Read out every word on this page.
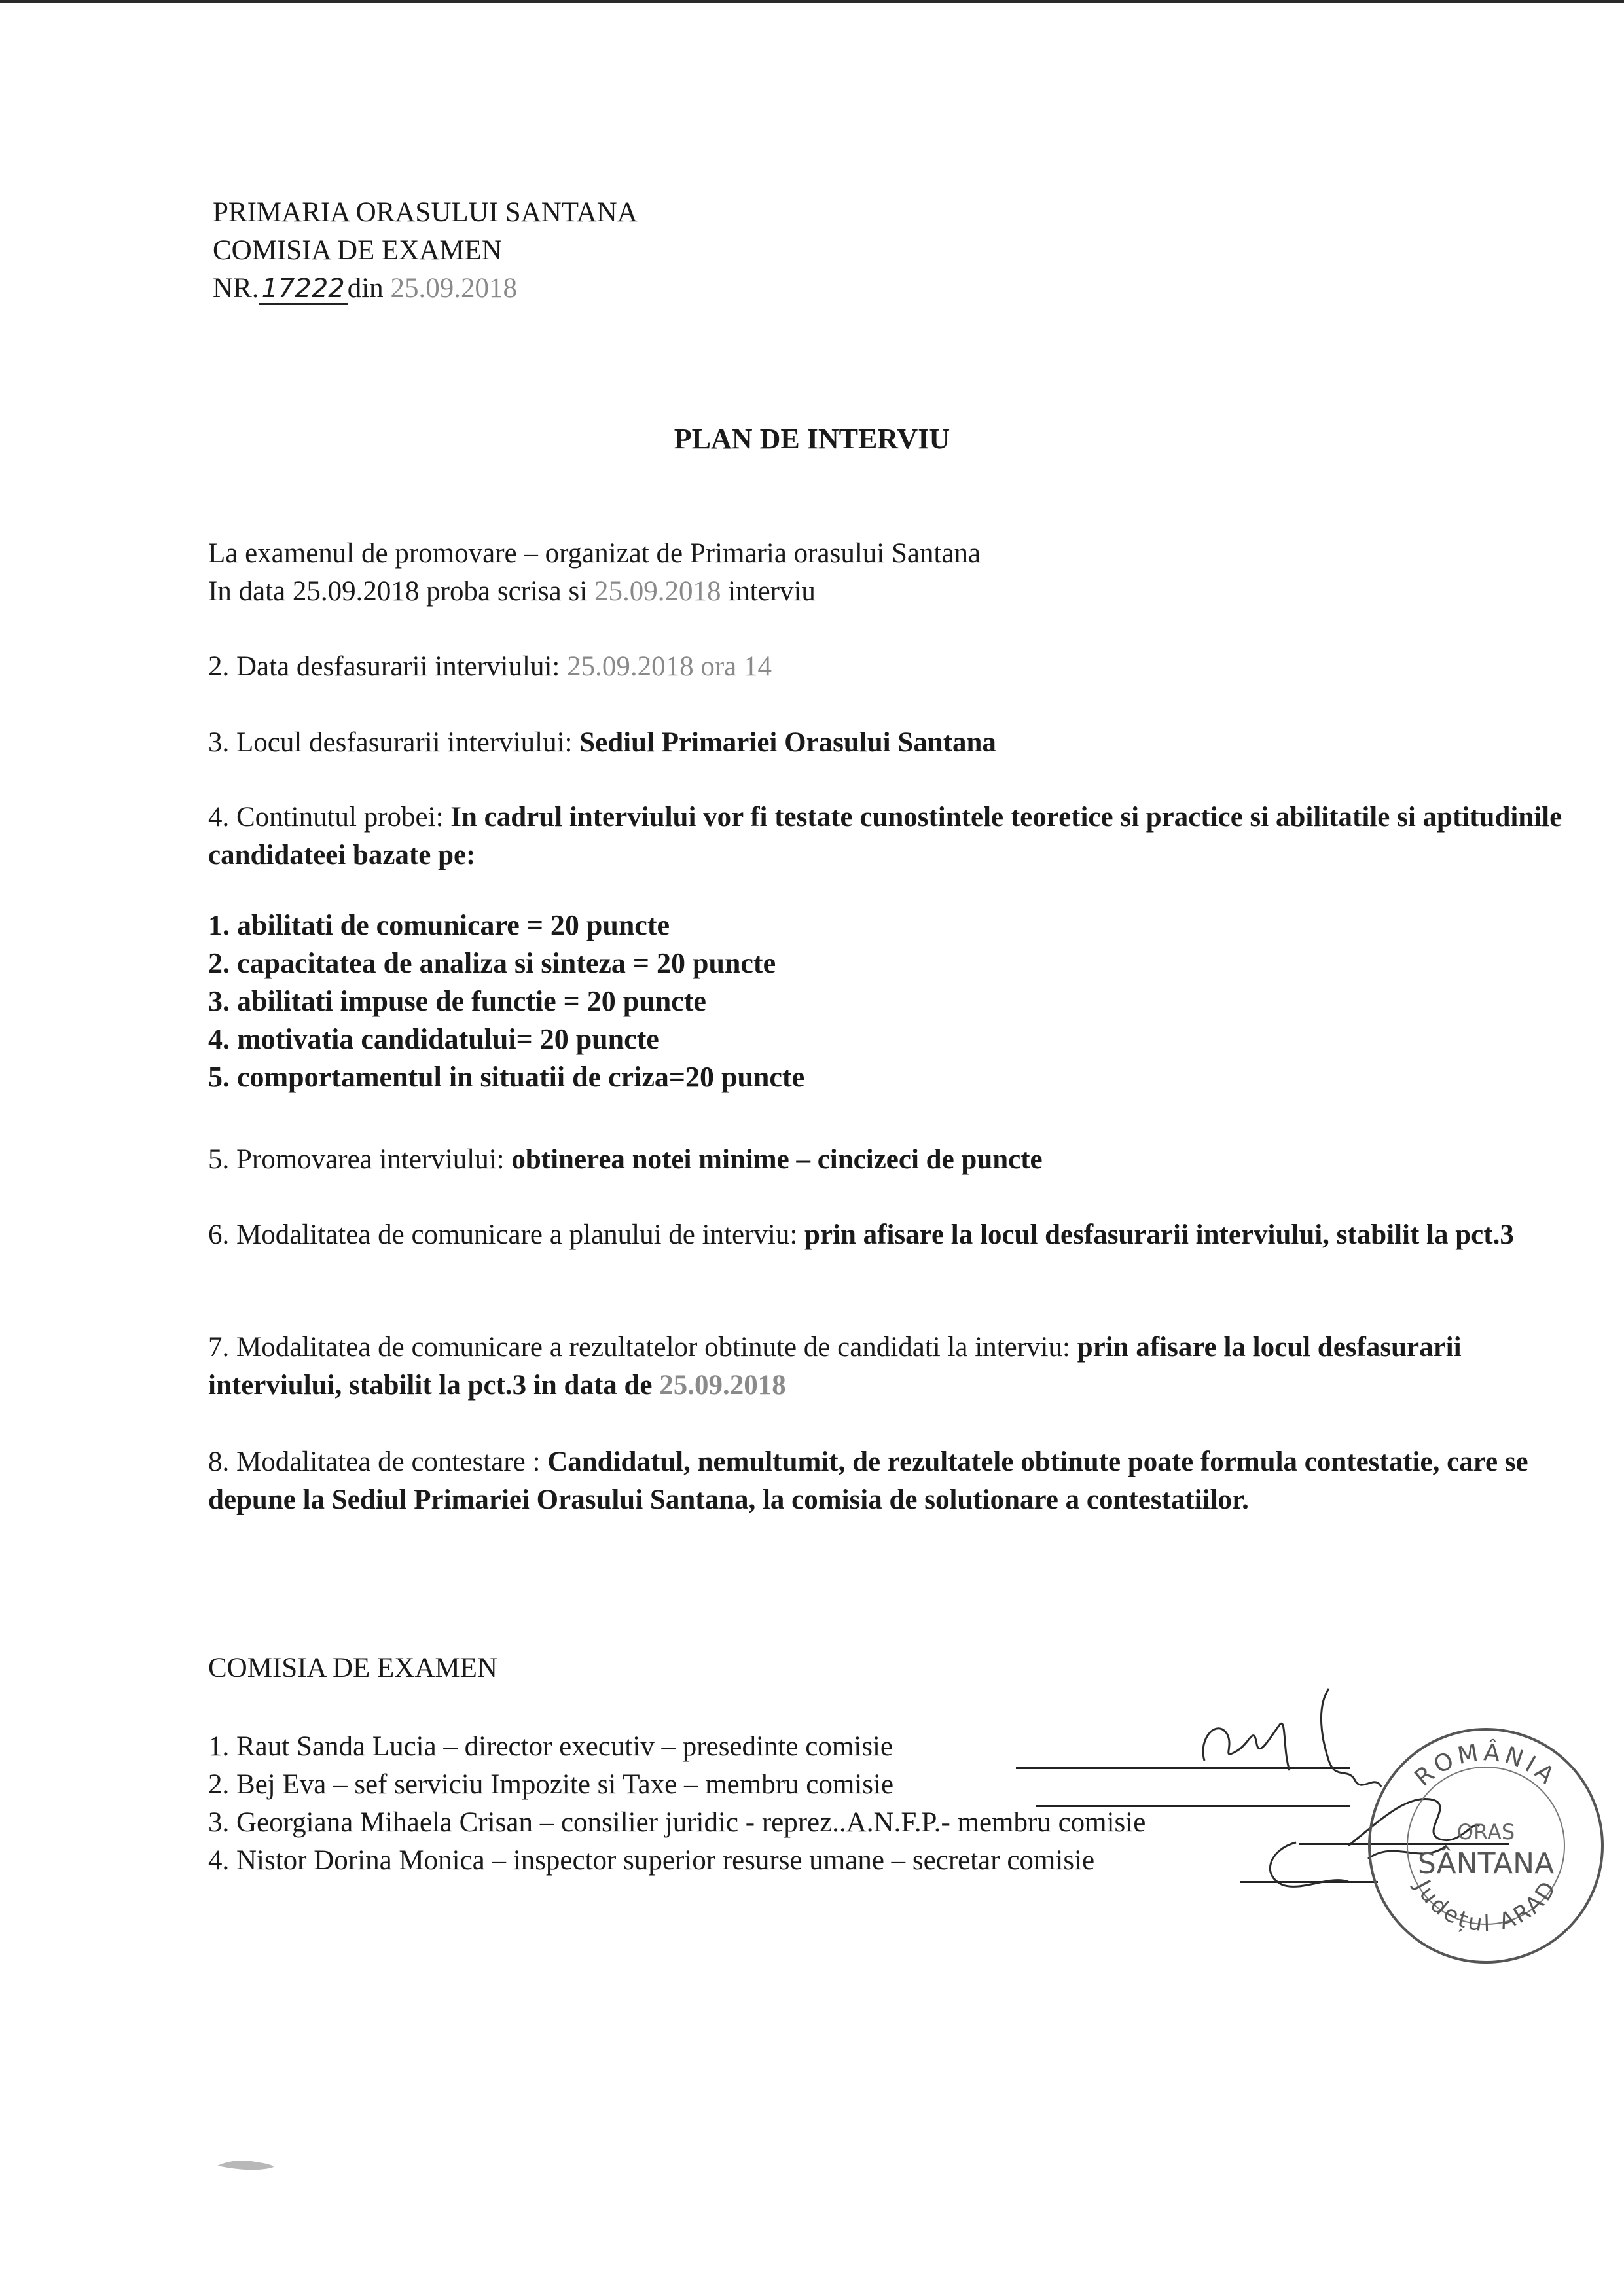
PRIMARIA ORASULUI SANTANA
COMISIA DE EXAMEN
NR. 17222din 25.09.2018
PLAN DE INTERVIU
La examenul de promovare – organizat de Primaria orasului Santana
In data 25.09.2018 proba scrisa si 25.09.2018 interviu
2. Data desfasurarii interviului: 25.09.2018 ora 14
3. Locul desfasurarii interviului: Sediul Primariei Orasului Santana
4. Continutul probei: In cadrul interviului vor fi testate cunostintele teoretice si practice si abilitatile si aptitudinile candidateei bazate pe:
1. abilitati de comunicare = 20 puncte
2. capacitatea de analiza si sinteza = 20 puncte
3. abilitati impuse de functie = 20 puncte
4. motivatia candidatului= 20 puncte
5. comportamentul in situatii de criza=20 puncte
5. Promovarea interviului: obtinerea notei minime – cincizeci de puncte
6. Modalitatea de comunicare a planului de interviu: prin afisare la locul desfasurarii interviului, stabilit la pct.3
7. Modalitatea de comunicare a rezultatelor obtinute de candidati la interviu: prin afisare la locul desfasurarii interviului, stabilit la pct.3 in data de 25.09.2018
8. Modalitatea de contestare : Candidatul, nemultumit, de rezultatele obtinute poate formula contestatie, care se depune la Sediul Primariei Orasului Santana, la comisia de solutionare a contestatiilor.
COMISIA DE EXAMEN
1. Raut Sanda Lucia – director executiv – presedinte comisie
2. Bej Eva – sef serviciu Impozite si Taxe – membru comisie
3. Georgiana Mihaela Crisan – consilier juridic - reprez..A.N.F.P.- membru comisie
4. Nistor Dorina Monica – inspector superior resurse umane – secretar comisie
ROMÂNIA
ORAS
SÂNTANA
Județul ARAD
